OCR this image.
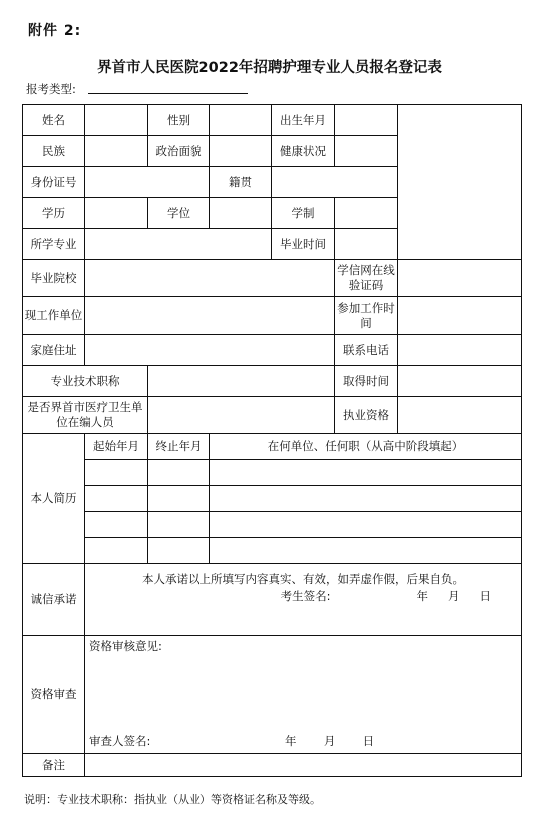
附件 2:
界首市人民医院2022年招聘护理专业人员报名登记表
报考类型:
姓名		性别		出生年月		
民族		政治面貌		健康状况		
身份证号			籍贯			
学历		学位		学制		
所学专业				毕业时间		
毕业院校					学信网在线验证码	
现工作单位					参加工作时间	
家庭住址					联系电话	
专业技术职称					取得时间	
是否界首市医疗卫生单位在编人员					执业资格	
本人简历	起始年月	终止年月	在何单位、任何职（从高中阶段填起）			

诚信承诺	本人承诺以上所填写内容真实、有效，如弄虚作假，后果自负。
考生签名: 年 月 日					

资格审查	资格审核意见:
审查人签名: 年 月 日					

备注						
说明：专业技术职称：指执业（从业）等资格证名称及等级。
